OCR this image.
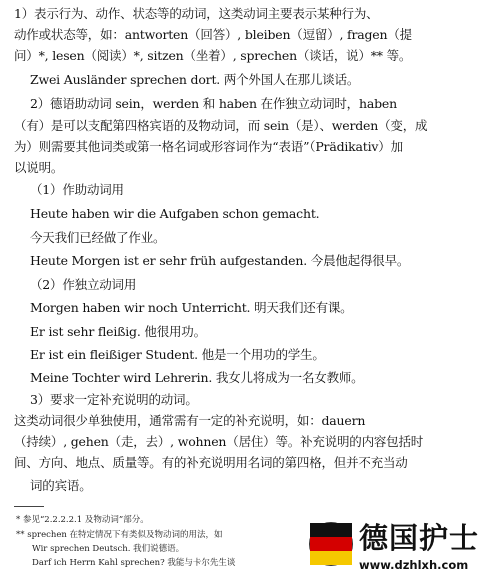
1）表示行为、动作、状态等的动词，这类动词主要表示某种行为、
动作或状态等，如：antworten（回答）, bleiben（逗留）, fragen（提
问）*, lesen（阅读）*, sitzen（坐着）, sprechen（谈话，说）** 等。
Zwei Ausländer sprechen dort. 两个外国人在那儿谈话。
2）德语助动词 sein，werden 和 haben 在作独立动词时，haben
（有）是可以支配第四格宾语的及物动词，而 sein（是）、werden（变，成
为）则需要其他词类或第一格名词或形容词作为“表语”（Prädikativ）加
以说明。
（1）作助动词用
Heute haben wir die Aufgaben schon gemacht.
今天我们已经做了作业。
Heute Morgen ist er sehr früh aufgestanden. 今晨他起得很早。
（2）作独立动词用
Morgen haben wir noch Unterricht. 明天我们还有课。
Er ist sehr fleißig. 他很用功。
Er ist ein fleißiger Student. 他是一个用功的学生。
Meine Tochter wird Lehrerin. 我女儿将成为一名女教师。
3）要求一定补充说明的动词。
这类动词很少单独使用，通常需有一定的补充说明，如：dauern
（持续）, gehen（走，去）, wohnen（居住）等。补充说明的内容包括时
间、方向、地点、质量等。有的补充说明用名词的第四格，但并不充当动
词的宾语。
* 参见“2.2.2.2.1 及物动词”部分。
** sprechen 在特定情况下有类似及物动词的用法，如
Wir sprechen Deutsch. 我们说德语。
Darf ich Herrn Kahl sprechen? 我能与卡尔先生谈
德国护士
www.dzhlxh.com
